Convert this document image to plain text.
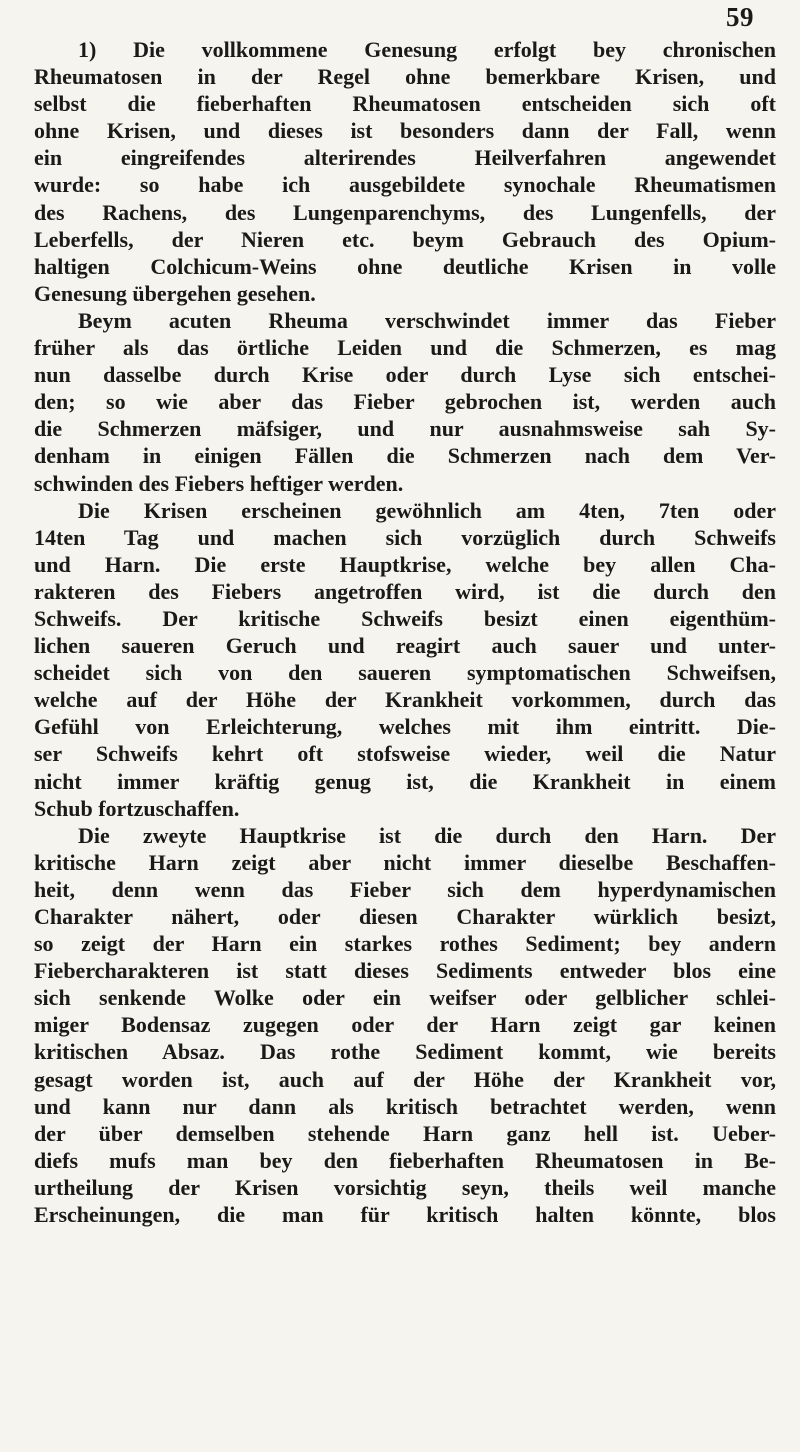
59
1) Die vollkommene Genesung erfolgt bey chronischen
Rheumatosen in der Regel ohne bemerkbare Krisen, und
selbst die fieberhaften Rheumatosen entscheiden sich oft
ohne Krisen, und dieses ist besonders dann der Fall, wenn
ein eingreifendes alterirendes Heilverfahren angewendet
wurde: so habe ich ausgebildete synochale Rheumatismen
des Rachens, des Lungenparenchyms, des Lungenfells, der
Leberfells, der Nieren etc. beym Gebrauch des Opium-
haltigen Colchicum-Weins ohne deutliche Krisen in volle
Genesung übergehen gesehen.
Beym acuten Rheuma verschwindet immer das Fieber
früher als das örtliche Leiden und die Schmerzen, es mag
nun dasselbe durch Krise oder durch Lyse sich entschei-
den; so wie aber das Fieber gebrochen ist, werden auch
die Schmerzen mäfsiger, und nur ausnahmsweise sah Sy-
denham in einigen Fällen die Schmerzen nach dem Ver-
schwinden des Fiebers heftiger werden.
Die Krisen erscheinen gewöhnlich am 4ten, 7ten oder
14ten Tag und machen sich vorzüglich durch Schweifs
und Harn. Die erste Hauptkrise, welche bey allen Cha-
rakteren des Fiebers angetroffen wird, ist die durch den
Schweifs. Der kritische Schweifs besizt einen eigenthüm-
lichen saueren Geruch und reagirt auch sauer und unter-
scheidet sich von den saueren symptomatischen Schweifsen,
welche auf der Höhe der Krankheit vorkommen, durch das
Gefühl von Erleichterung, welches mit ihm eintritt. Die-
ser Schweifs kehrt oft stofsweise wieder, weil die Natur
nicht immer kräftig genug ist, die Krankheit in einem
Schub fortzuschaffen.
Die zweyte Hauptkrise ist die durch den Harn. Der
kritische Harn zeigt aber nicht immer dieselbe Beschaffen-
heit, denn wenn das Fieber sich dem hyperdynamischen
Charakter nähert, oder diesen Charakter würklich besizt,
so zeigt der Harn ein starkes rothes Sediment; bey andern
Fiebercharakteren ist statt dieses Sediments entweder blos eine
sich senkende Wolke oder ein weifser oder gelblicher schlei-
miger Bodensaz zugegen oder der Harn zeigt gar keinen
kritischen Absaz. Das rothe Sediment kommt, wie bereits
gesagt worden ist, auch auf der Höhe der Krankheit vor,
und kann nur dann als kritisch betrachtet werden, wenn
der über demselben stehende Harn ganz hell ist. Ueber-
diefs mufs man bey den fieberhaften Rheumatosen in Be-
urtheilung der Krisen vorsichtig seyn, theils weil manche
Erscheinungen, die man für kritisch halten könnte, blos
